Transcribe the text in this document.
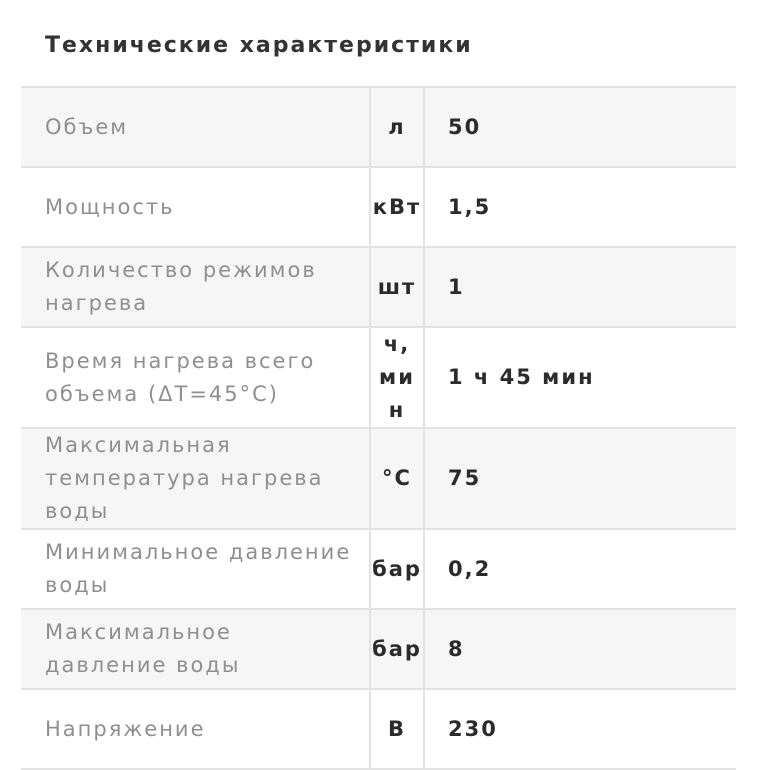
Технические характеристики
Объем	л	50
Мощность	кВт	1,5
Количество режимов нагрева	шт	1
Время нагрева всего объема (ΔT=45°C)	ч, мин	1 ч 45 мин
Максимальная температура нагрева воды	°C	75
Минимальное давление воды	бар	0,2
Максимальное давление воды	бар	8
Напряжение	В	230
